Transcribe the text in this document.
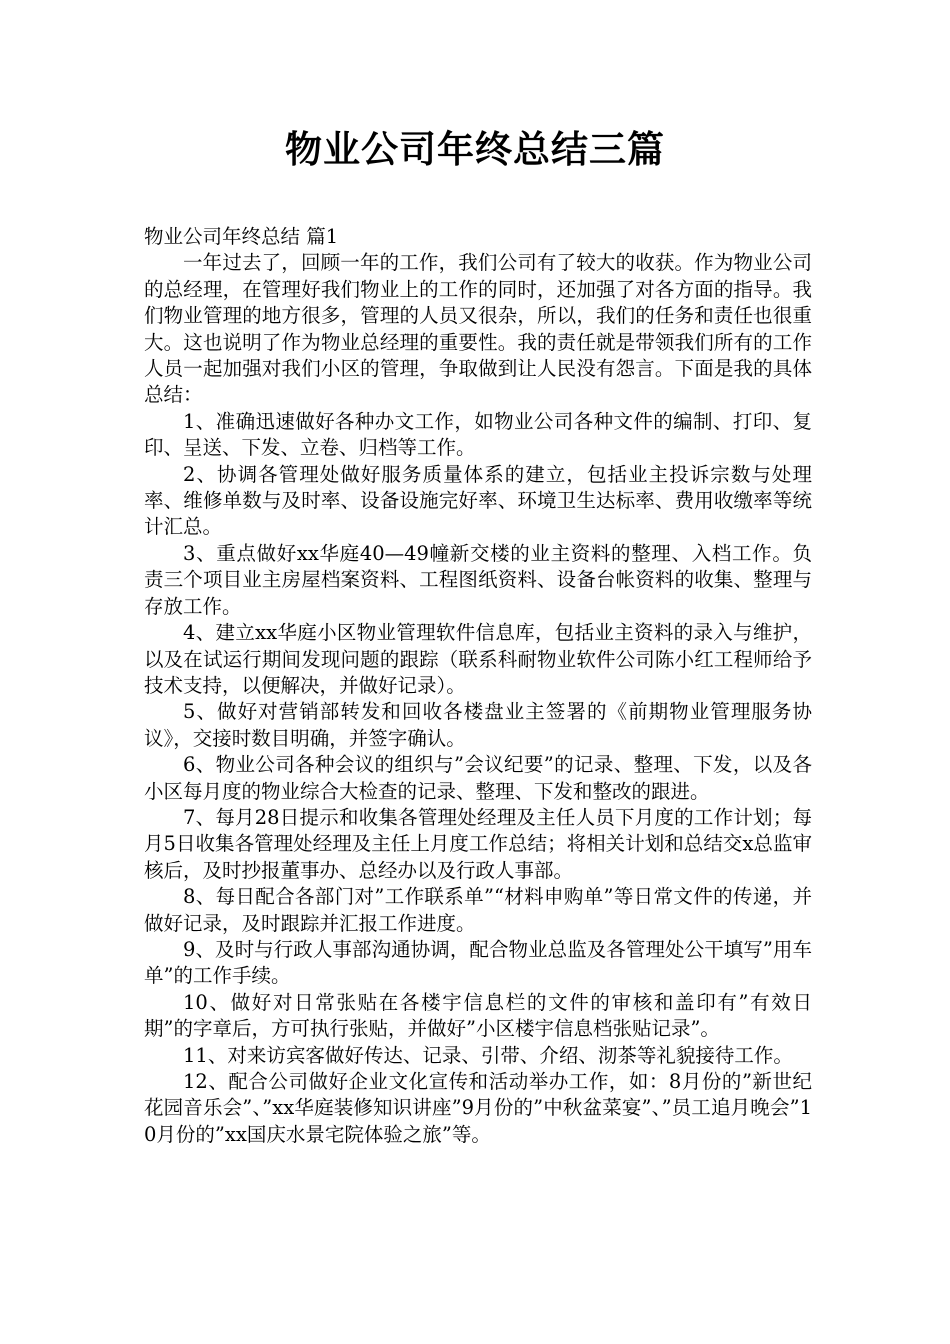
物业公司年终总结三篇

物业公司年终总结 篇1

一年过去了，回顾一年的工作，我们公司有了较大的收获。作为物业公司的总经理，在管理好我们物业上的工作的同时，还加强了对各方面的指导。我们物业管理的地方很多，管理的人员又很杂，所以，我们的任务和责任也很重大。这也说明了作为物业总经理的重要性。我的责任就是带领我们所有的工作人员一起加强对我们小区的管理，争取做到让人民没有怨言。下面是我的具体总结：

1、准确迅速做好各种办文工作，如物业公司各种文件的编制、打印、复印、呈送、下发、立卷、归档等工作。

2、协调各管理处做好服务质量体系的建立，包括业主投诉宗数与处理率、维修单数与及时率、设备设施完好率、环境卫生达标率、费用收缴率等统计汇总。

3、重点做好xx华庭40—49幢新交楼的业主资料的整理、入档工作。负责三个项目业主房屋档案资料、工程图纸资料、设备台帐资料的收集、整理与存放工作。

4、建立xx华庭小区物业管理软件信息库，包括业主资料的录入与维护，以及在试运行期间发现问题的跟踪（联系科耐物业软件公司陈小红工程师给予技术支持，以便解决，并做好记录）。

5、做好对营销部转发和回收各楼盘业主签署的《前期物业管理服务协议》，交接时数目明确，并签字确认。

6、物业公司各种会议的组织与”会议纪要”的记录、整理、下发，以及各小区每月度的物业综合大检查的记录、整理、下发和整改的跟进。

7、每月28日提示和收集各管理处经理及主任人员下月度的工作计划；每月5日收集各管理处经理及主任上月度工作总结；将相关计划和总结交x总监审核后，及时抄报董事办、总经办以及行政人事部。

8、每日配合各部门对”工作联系单”“材料申购单”等日常文件的传递，并做好记录，及时跟踪并汇报工作进度。

9、及时与行政人事部沟通协调，配合物业总监及各管理处公干填写”用车单”的工作手续。

10、做好对日常张贴在各楼宇信息栏的文件的审核和盖印有”有效日期”的字章后，方可执行张贴，并做好”小区楼宇信息档张贴记录”。

11、对来访宾客做好传达、记录、引带、介绍、沏茶等礼貌接待工作。

12、配合公司做好企业文化宣传和活动举办工作，如：8月份的”新世纪花园音乐会”、”xx华庭装修知识讲座”9月份的”中秋盆菜宴”、”员工追月晚会”10月份的”xx国庆水景宅院体验之旅”等。
